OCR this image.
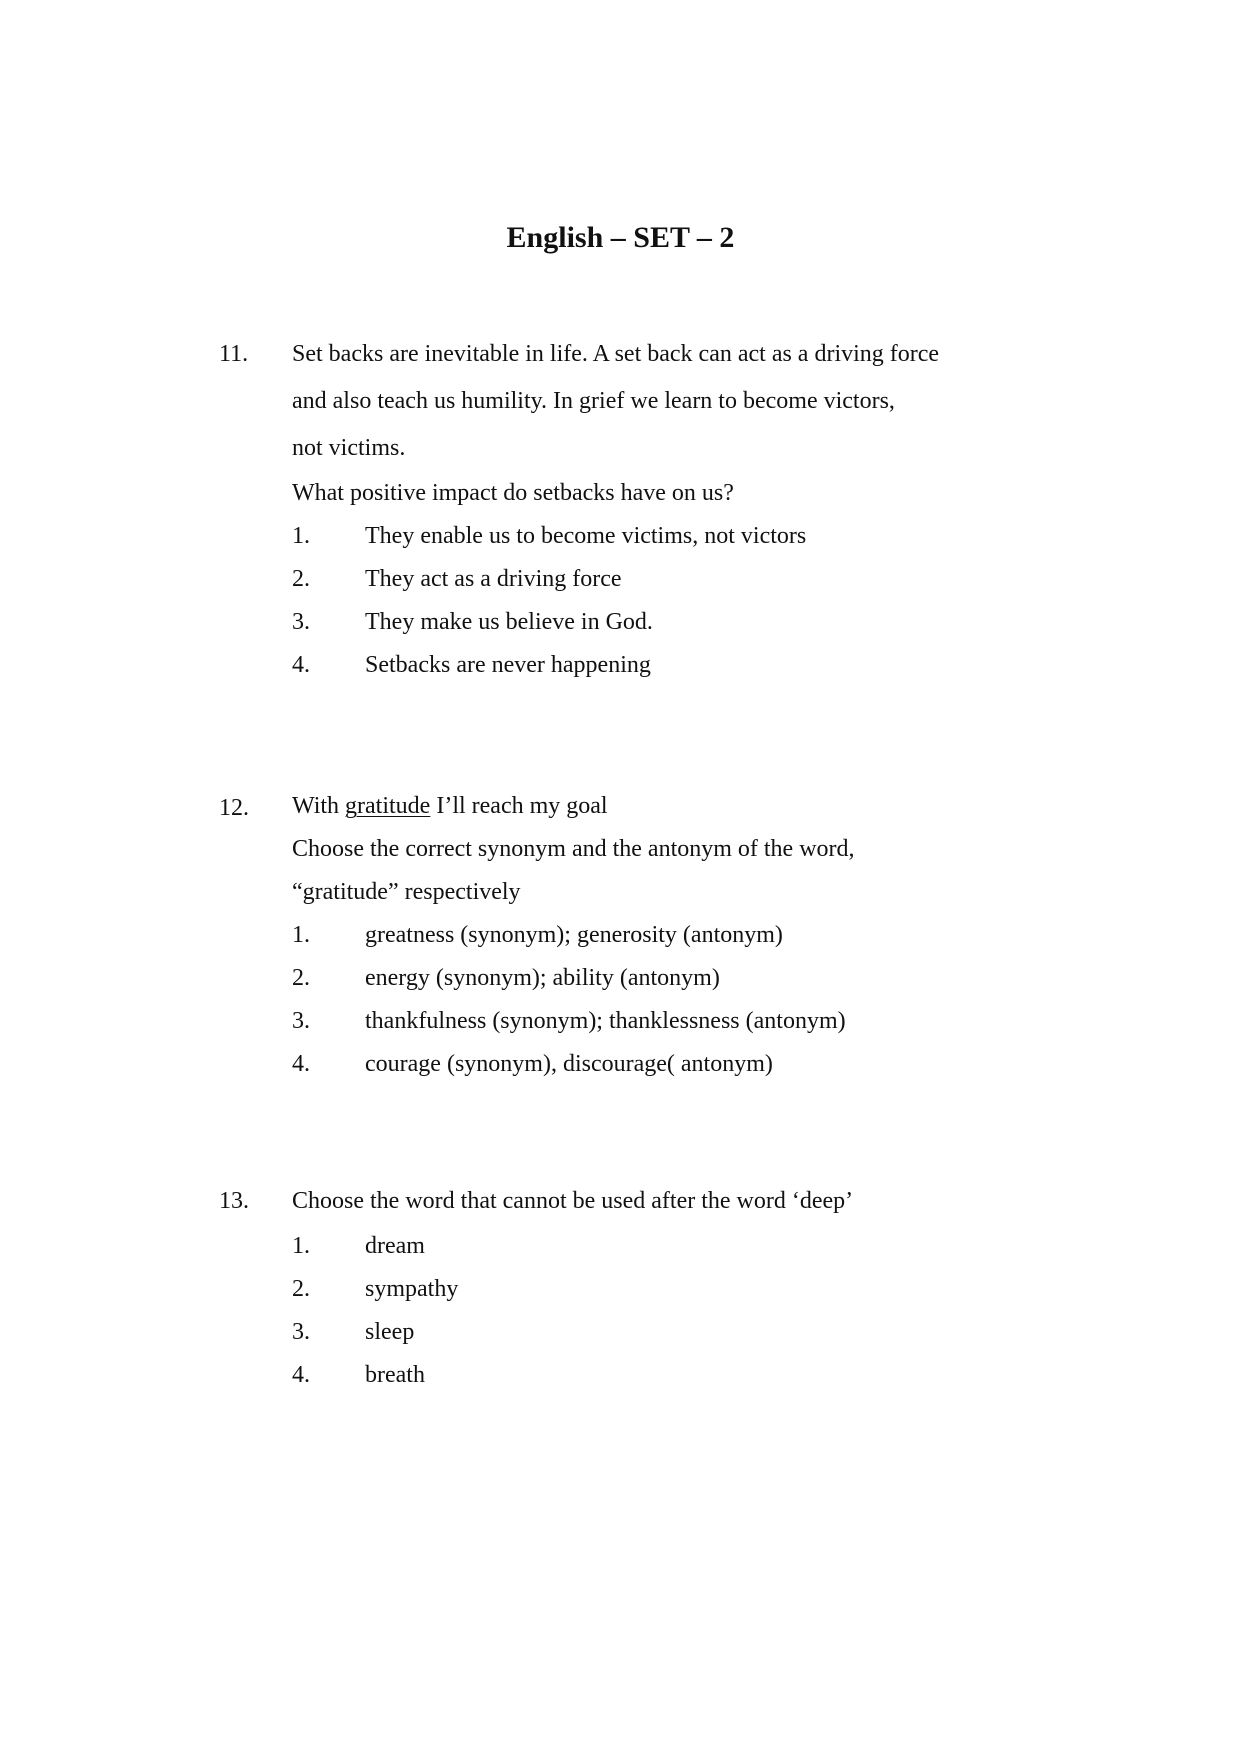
English – SET – 2
11. Set backs are inevitable in life. A set back can act as a driving force
and also teach us humility. In grief we learn to become victors,
not victims.
What positive impact do setbacks have on us?
1. They enable us to become victims, not victors
2. They act as a driving force
3. They make us believe in God.
4. Setbacks are never happening
12. With gratitude I’ll reach my goal
Choose the correct synonym and the antonym of the word,
“gratitude” respectively
1. greatness (synonym); generosity (antonym)
2. energy (synonym); ability (antonym)
3. thankfulness (synonym); thanklessness (antonym)
4. courage (synonym), discourage( antonym)
13. Choose the word that cannot be used after the word ‘deep’
1. dream
2. sympathy
3. sleep
4. breath
